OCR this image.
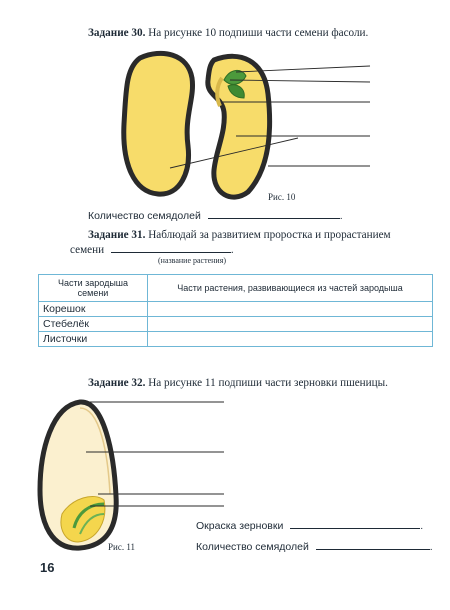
Задание 30. На рисунке 10 подпиши части семени фасоли.
Рис. 10
Количество семядолей	.
Задание 31. Наблюдай за развитием проростка и прорастанием
семени	.
(название растения)
Части зародыша семени	Части растения, развивающиеся из частей зародыша
Корешок	
Стебелёк	
Листочки	
Задание 32. На рисунке 11 подпиши части зерновки пшеницы.
Рис. 11
Окраска зерновки	.
Количество семядолей	.
16
